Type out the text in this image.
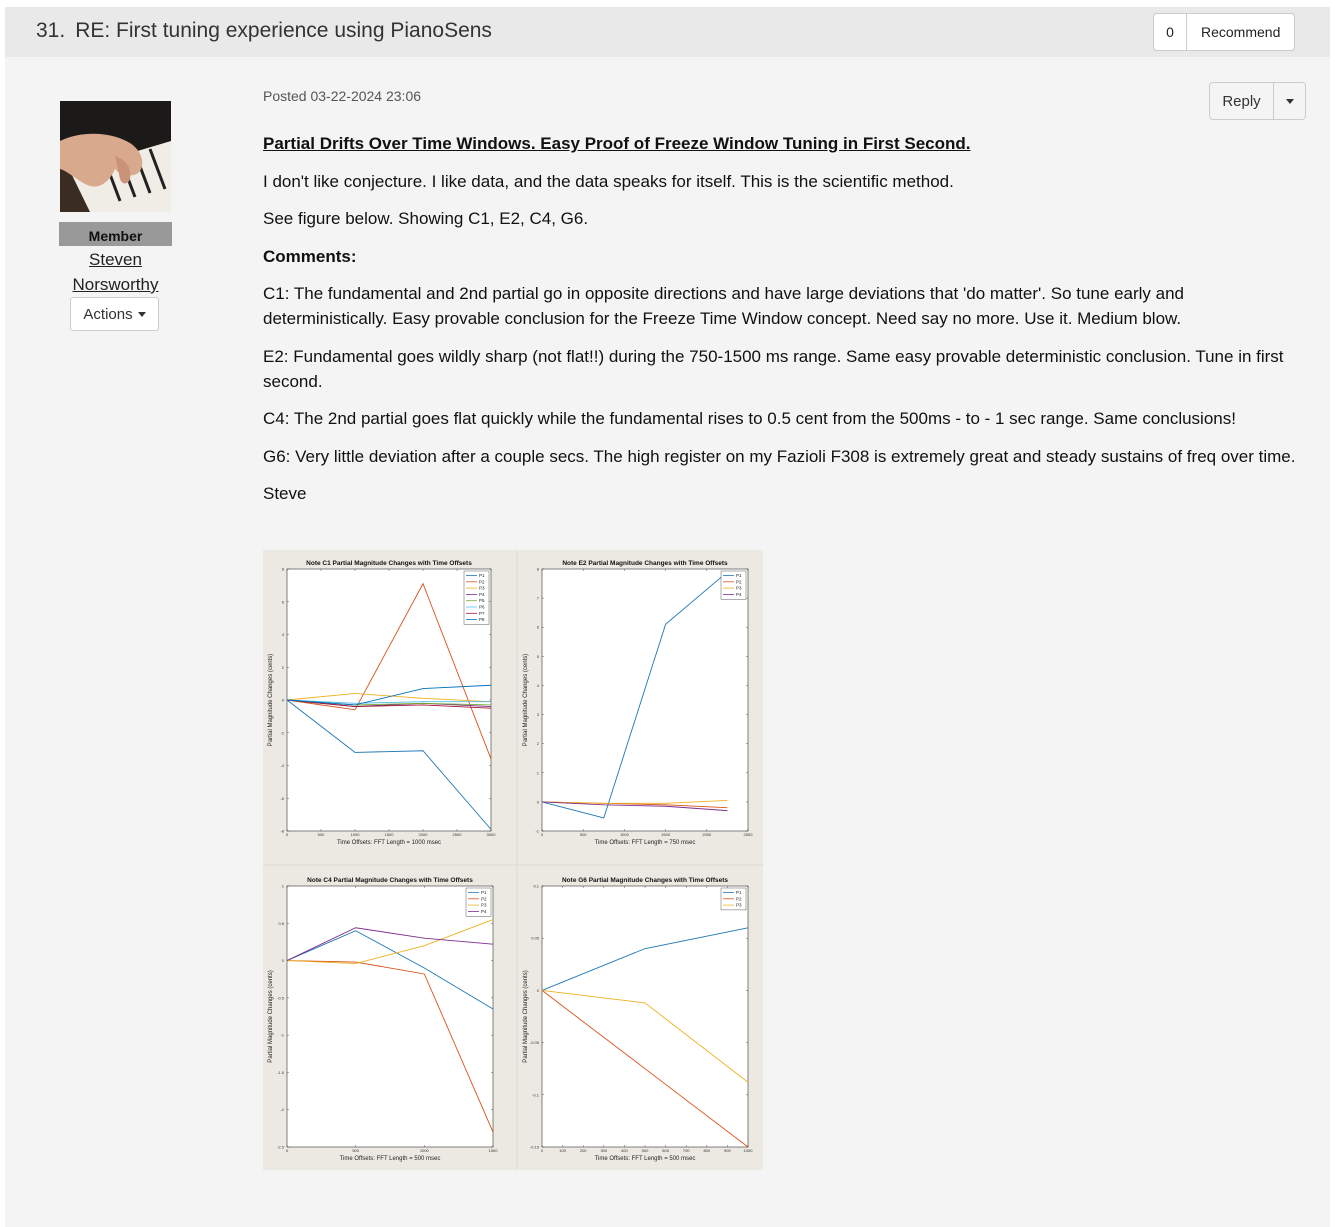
31. RE: First tuning experience using PianoSens	0	Recommend
Member
Steven
Norsworthy
Actions
Posted 03-22-2024 23:06	Reply

Partial Drifts Over Time Windows. Easy Proof of Freeze Window Tuning in First Second.

I don't like conjecture. I like data, and the data speaks for itself. This is the scientific method.

See figure below. Showing C1, E2, C4, G6.

Comments:

C1: The fundamental and 2nd partial go in opposite directions and have large deviations that 'do matter'. So tune early and deterministically. Easy provable conclusion for the Freeze Time Window concept. Need say no more. Use it. Medium blow.

E2: Fundamental goes wildly sharp (not flat!!) during the 750-1500 ms range. Same easy provable deterministic conclusion. Tune in first second.

C4: The 2nd partial goes flat quickly while the fundamental rises to 0.5 cent from the 500ms - to - 1 sec range. Same conclusions!

G6: Very little deviation after a couple secs. The high register on my Fazioli F308 is extremely great and steady sustains of freq over time.

Steve

Note C1 Partial Magnitude Changes with Time Offsets
0	500	1000	1500	2000	2500	3000
-8
-6
-4
-2
0
2
4
6
8
Time Offsets: FFT Length = 1000 msec
Partial Magnitude Changes (cents)
P1
P2
P3
P4
P5
P6
P7
P8
Note E2 Partial Magnitude Changes with Time Offsets
0	500	1000	1500	2000	2500
-1
0
1
2
3
4
5
6
7
8
Time Offsets: FFT Length = 750 msec
Partial Magnitude Changes (cents)
P1
P2
P3
P4
Note C4 Partial Magnitude Changes with Time Offsets
0	500	1000	1500
-2.5
-2
-1.5
-1
-0.5
0
0.5
1
Time Offsets: FFT Length = 500 msec
Partial Magnitude Changes (cents)
P1
P2
P3
P4
Note G6 Partial Magnitude Changes with Time Offsets
0	100	200	300	400	500	600	700	800	900	1000
-0.15
-0.1
-0.05
0
0.05
0.1
Time Offsets: FFT Length = 500 msec
Partial Magnitude Changes (cents)
P1
P2
P3
